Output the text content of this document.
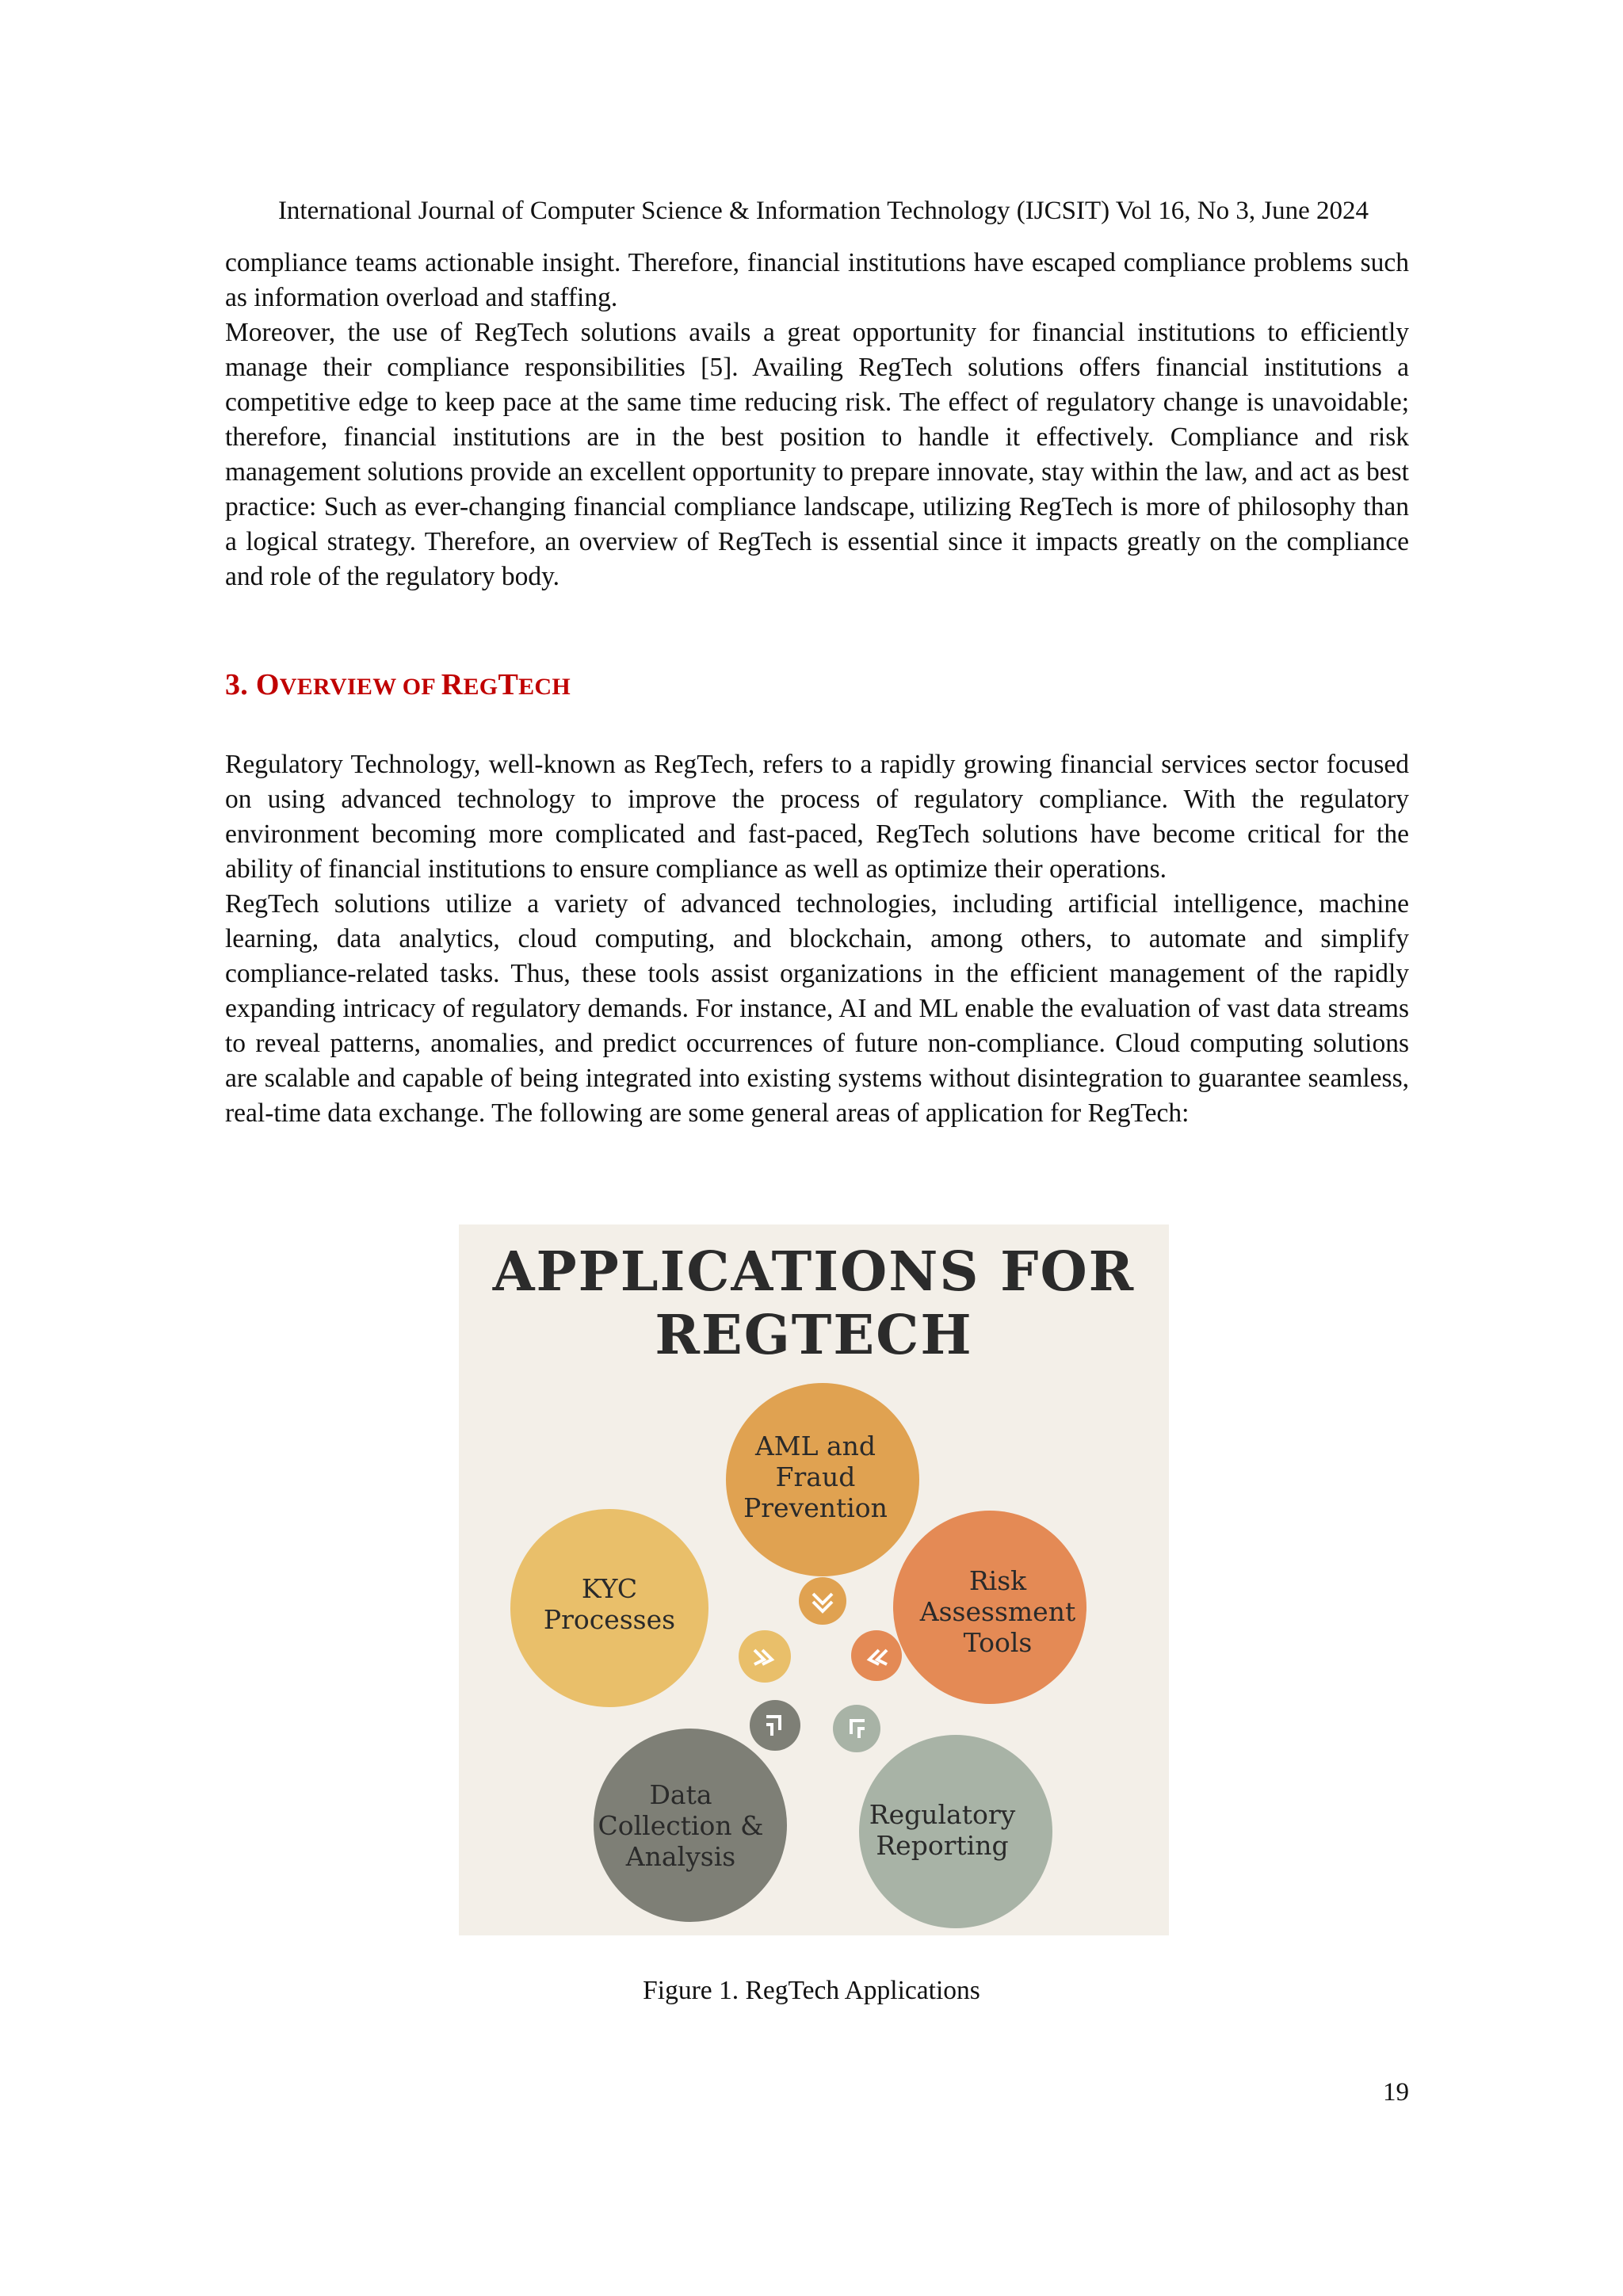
International Journal of Computer Science & Information Technology (IJCSIT) Vol 16, No 3, June 2024

compliance teams actionable insight. Therefore, financial institutions have escaped compliance problems such as information overload and staffing.

Moreover, the use of RegTech solutions avails a great opportunity for financial institutions to efficiently manage their compliance responsibilities [5]. Availing RegTech solutions offers financial institutions a competitive edge to keep pace at the same time reducing risk. The effect of regulatory change is unavoidable; therefore, financial institutions are in the best position to handle it effectively. Compliance and risk management solutions provide an excellent opportunity to prepare innovate, stay within the law, and act as best practice: Such as ever-changing financial compliance landscape, utilizing RegTech is more of philosophy than a logical strategy. Therefore, an overview of RegTech is essential since it impacts greatly on the compliance and role of the regulatory body.

3. OVERVIEW OF REGTECH

Regulatory Technology, well-known as RegTech, refers to a rapidly growing financial services sector focused on using advanced technology to improve the process of regulatory compliance. With the regulatory environment becoming more complicated and fast-paced, RegTech solutions have become critical for the ability of financial institutions to ensure compliance as well as optimize their operations.

RegTech solutions utilize a variety of advanced technologies, including artificial intelligence, machine learning, data analytics, cloud computing, and blockchain, among others, to automate and simplify compliance-related tasks. Thus, these tools assist organizations in the efficient management of the rapidly expanding intricacy of regulatory demands. For instance, AI and ML enable the evaluation of vast data streams to reveal patterns, anomalies, and predict occurrences of future non-compliance. Cloud computing solutions are scalable and capable of being integrated into existing systems without disintegration to guarantee seamless, real-time data exchange. The following are some general areas of application for RegTech:

APPLICATIONS FOR
REGTECH
AML and
Fraud
Prevention
KYC
Processes
Risk
Assessment
Tools
Data
Collection &
Analysis
Regulatory
Reporting
Figure 1. RegTech Applications
19
